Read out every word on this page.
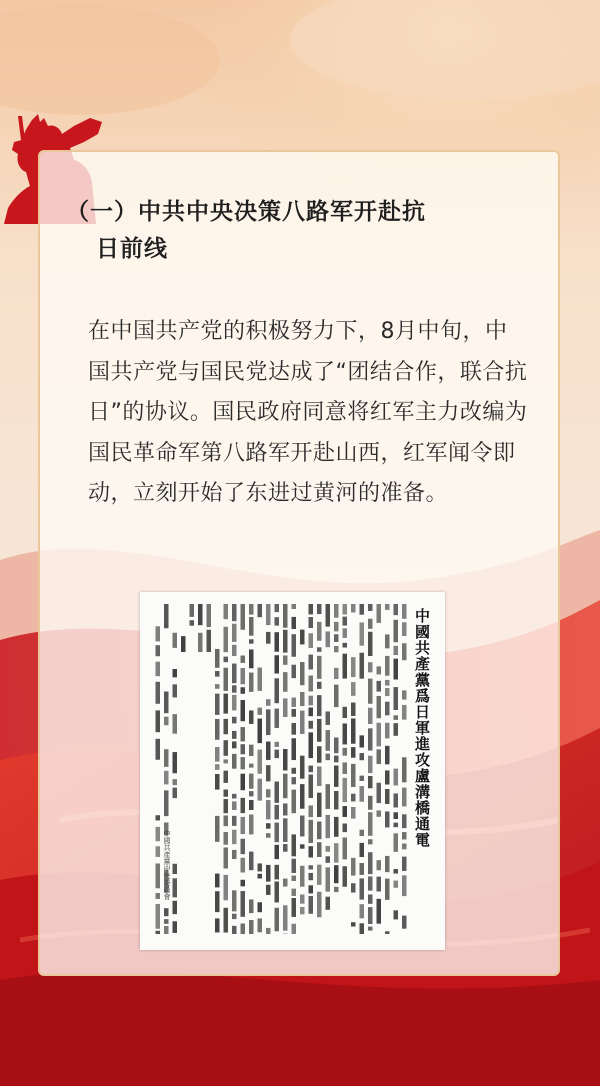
（一）中共中央决策八路军开赴抗
日前线

在中国共产党的积极努力下，8月中旬，中国共产党与国民党达成了“团结合作，联合抗日”的协议。国民政府同意将红军主力改编为国民革命军第八路军开赴山西，红军闻令即动，立刻开始了东进过黄河的准备。

中國共產黨爲日軍進攻盧溝橋通電
中國共產黨中央委員會
